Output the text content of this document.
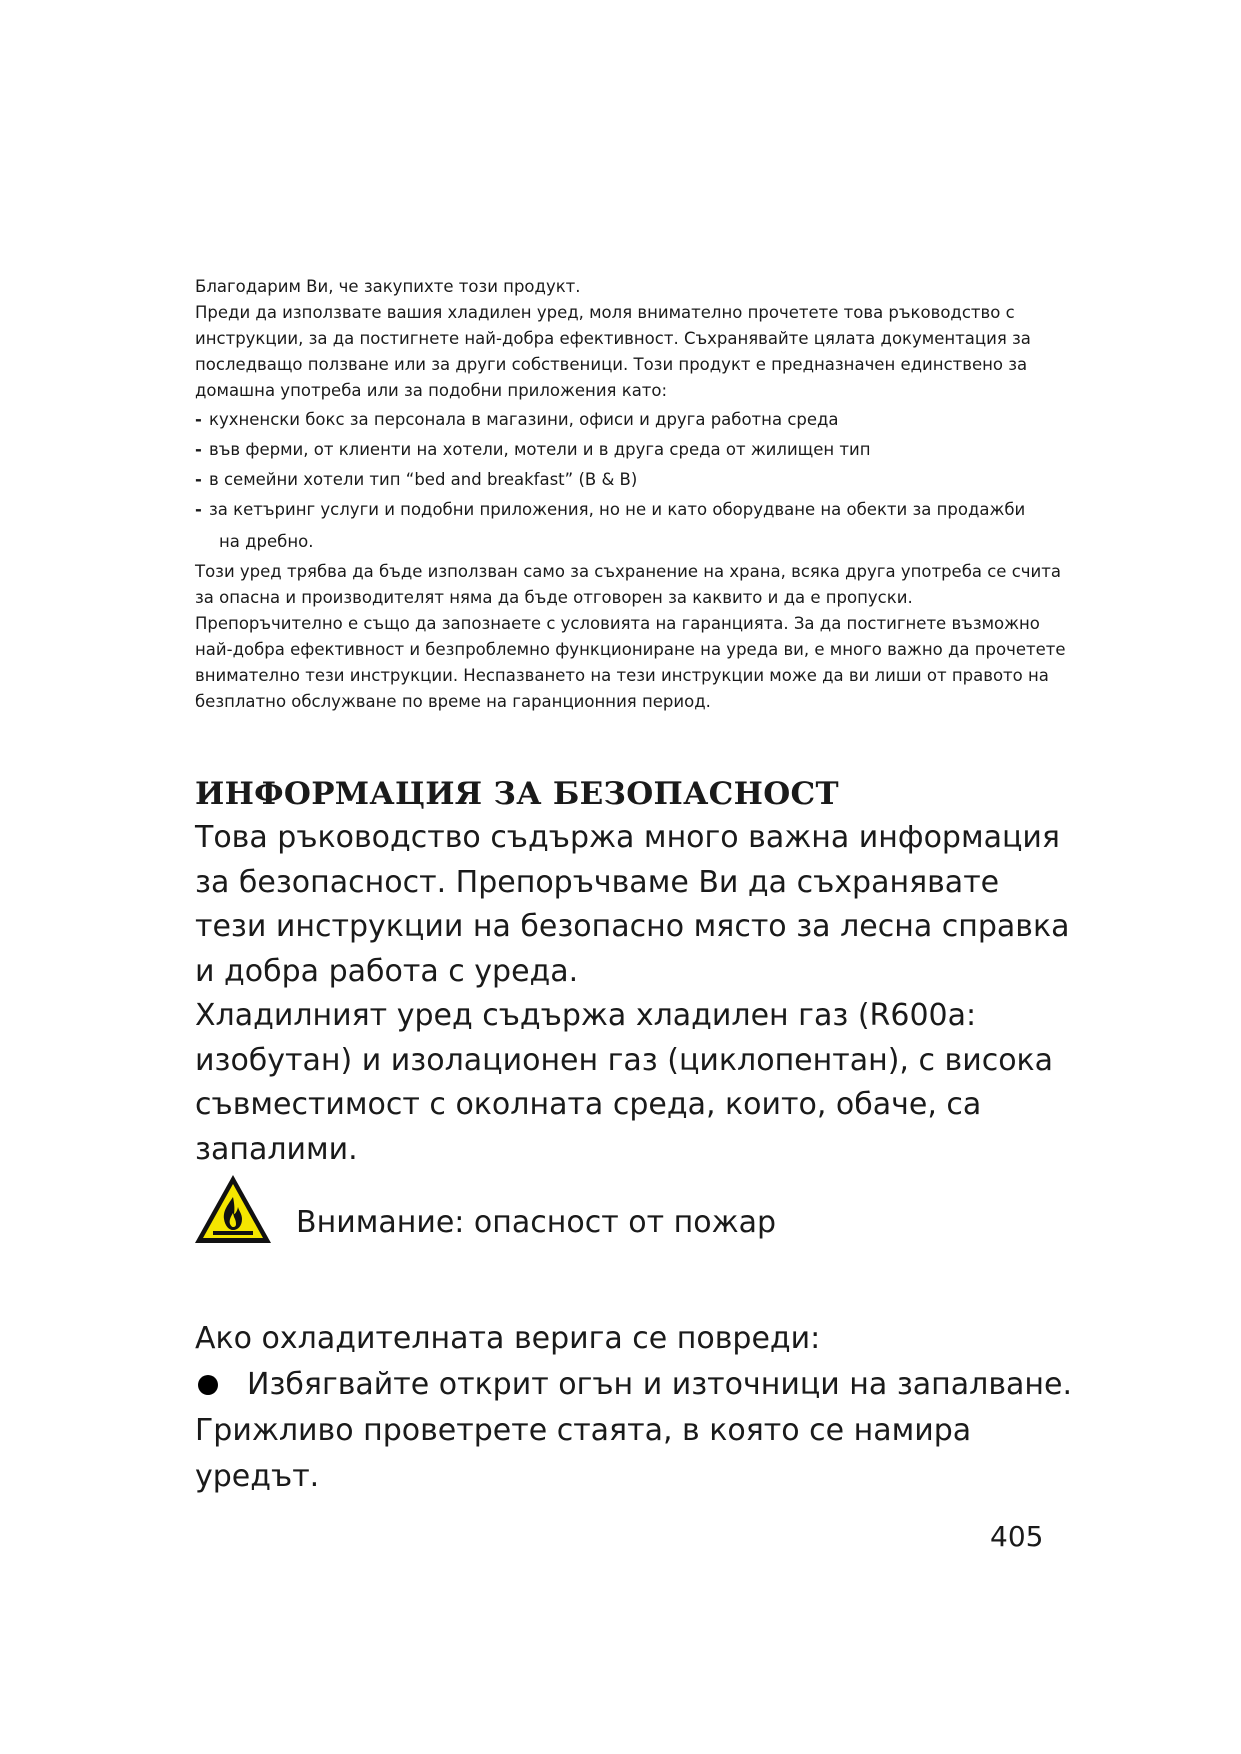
Благодарим Ви, че закупихте този продукт.

Преди да използвате вашия хладилен уред, моля внимателно прочетете това ръководство с инструкции, за да постигнете най-добра ефективност. Съхранявайте цялата документация за последващо ползване или за други собственици. Този продукт е предназначен единствено за домашна употреба или за подобни приложения като:

- кухненски бокс за персонала в магазини, офиси и друга работна среда
- във ферми, от клиенти на хотели, мотели и в друга среда от жилищен тип
- в семейни хотели тип “bed and breakfast” (B & B)
- за кетъринг услуги и подобни приложения, но не и като оборудване на обекти за продажби
на дребно.

Този уред трябва да бъде използван само за съхранение на храна, всяка друга употреба се счита за опасна и производителят няма да бъде отговорен за каквито и да е пропуски.

Препоръчително е също да запознаете с условията на гаранцията. За да постигнете възможно най-добра ефективност и безпроблемно функциониране на уреда ви, е много важно да прочетете внимателно тези инструкции. Неспазването на тези инструкции може да ви лиши от правото на безплатно обслужване по време на гаранционния период.

ИНФОРМАЦИЯ ЗА БЕЗОПАСНОСТ

Това ръководство съдържа много важна информация за безопасност. Препоръчваме Ви да съхранявате тези инструкции на безопасно място за лесна справка и добра работа с уреда.

Хладилният уред съдържа хладилен газ (R600a: изобутан) и изолационен газ (циклопентан), с висока съвместимост с околната среда, които, обаче, са запалими.

Внимание: опасност от пожар

Ако охладителната верига се повреди:

Избягвайте открит огън и източници на запалване.

Грижливо проветрете стаята, в която се намира уредът.

405
